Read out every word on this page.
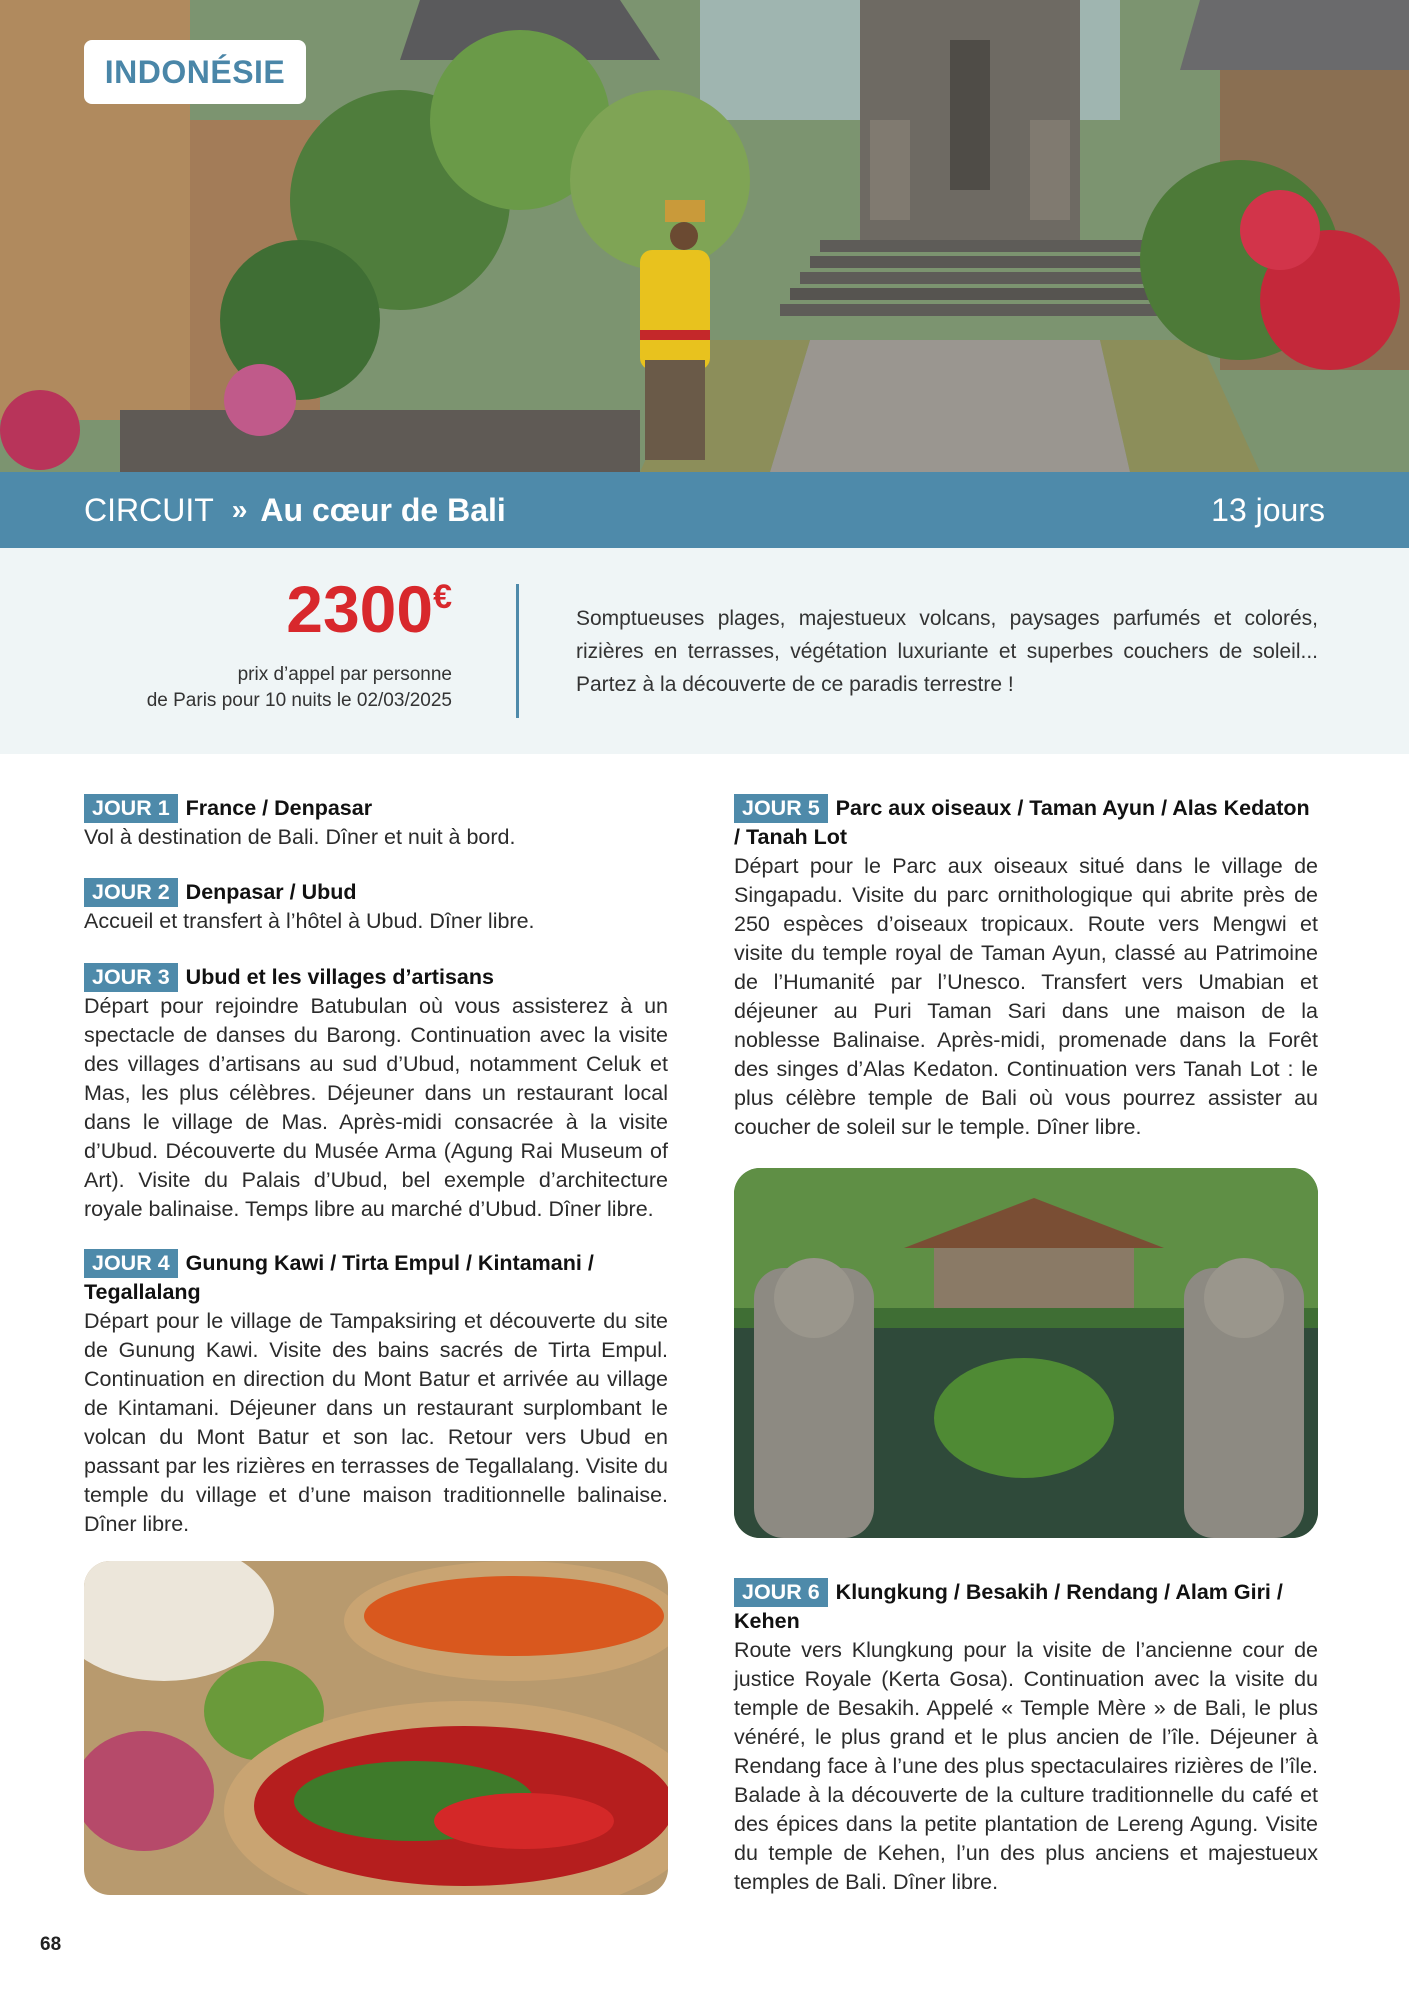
INDONÉSIE
CIRCUIT ›› Au cœur de Bali	13 jours
2300€
prix d’appel par personne
de Paris pour 10 nuits le 02/03/2025

Somptueuses plages, majestueux volcans, paysages parfumés et colorés, rizières en terrasses, végétation luxuriante et superbes couchers de soleil... Partez à la découverte de ce paradis terrestre !

JOUR 1 France / Denpasar

Vol à destination de Bali. Dîner et nuit à bord.

JOUR 2 Denpasar / Ubud

Accueil et transfert à l’hôtel à Ubud. Dîner libre.

JOUR 3 Ubud et les villages d’artisans

Départ pour rejoindre Batubulan où vous assisterez à un spectacle de danses du Barong. Continuation avec la visite des villages d’artisans au sud d’Ubud, notamment Celuk et Mas, les plus célèbres. Déjeuner dans un restaurant local dans le village de Mas. Après-midi consacrée à la visite d’Ubud. Découverte du Musée Arma (Agung Rai Museum of Art). Visite du Palais d’Ubud, bel exemple d’architecture royale balinaise. Temps libre au marché d’Ubud. Dîner libre.

JOUR 4 Gunung Kawi / Tirta Empul / Kintamani / Tegallalang

Départ pour le village de Tampaksiring et découverte du site de Gunung Kawi. Visite des bains sacrés de Tirta Empul. Continuation en direction du Mont Batur et arrivée au village de Kintamani. Déjeuner dans un restaurant surplombant le volcan du Mont Batur et son lac. Retour vers Ubud en passant par les rizières en terrasses de Tegallalang. Visite du temple du village et d’une maison traditionnelle balinaise. Dîner libre.

JOUR 5 Parc aux oiseaux / Taman Ayun / Alas Kedaton / Tanah Lot

Départ pour le Parc aux oiseaux situé dans le village de Singapadu. Visite du parc ornithologique qui abrite près de 250 espèces d’oiseaux tropicaux. Route vers Mengwi et visite du temple royal de Taman Ayun, classé au Patrimoine de l’Humanité par l’Unesco. Transfert vers Umabian et déjeuner au Puri Taman Sari dans une maison de la noblesse Balinaise. Après-midi, promenade dans la Forêt des singes d’Alas Kedaton. Continuation vers Tanah Lot : le plus célèbre temple de Bali où vous pourrez assister au coucher de soleil sur le temple. Dîner libre.

JOUR 6 Klungkung / Besakih / Rendang / Alam Giri / Kehen

Route vers Klungkung pour la visite de l’ancienne cour de justice Royale (Kerta Gosa). Continuation avec la visite du temple de Besakih. Appelé « Temple Mère » de Bali, le plus vénéré, le plus grand et le plus ancien de l’île. Déjeuner à Rendang face à l’une des plus spectaculaires rizières de l’île. Balade à la découverte de la culture traditionnelle du café et des épices dans la petite plantation de Lereng Agung. Visite du temple de Kehen, l’un des plus anciens et majestueux temples de Bali. Dîner libre.

68
